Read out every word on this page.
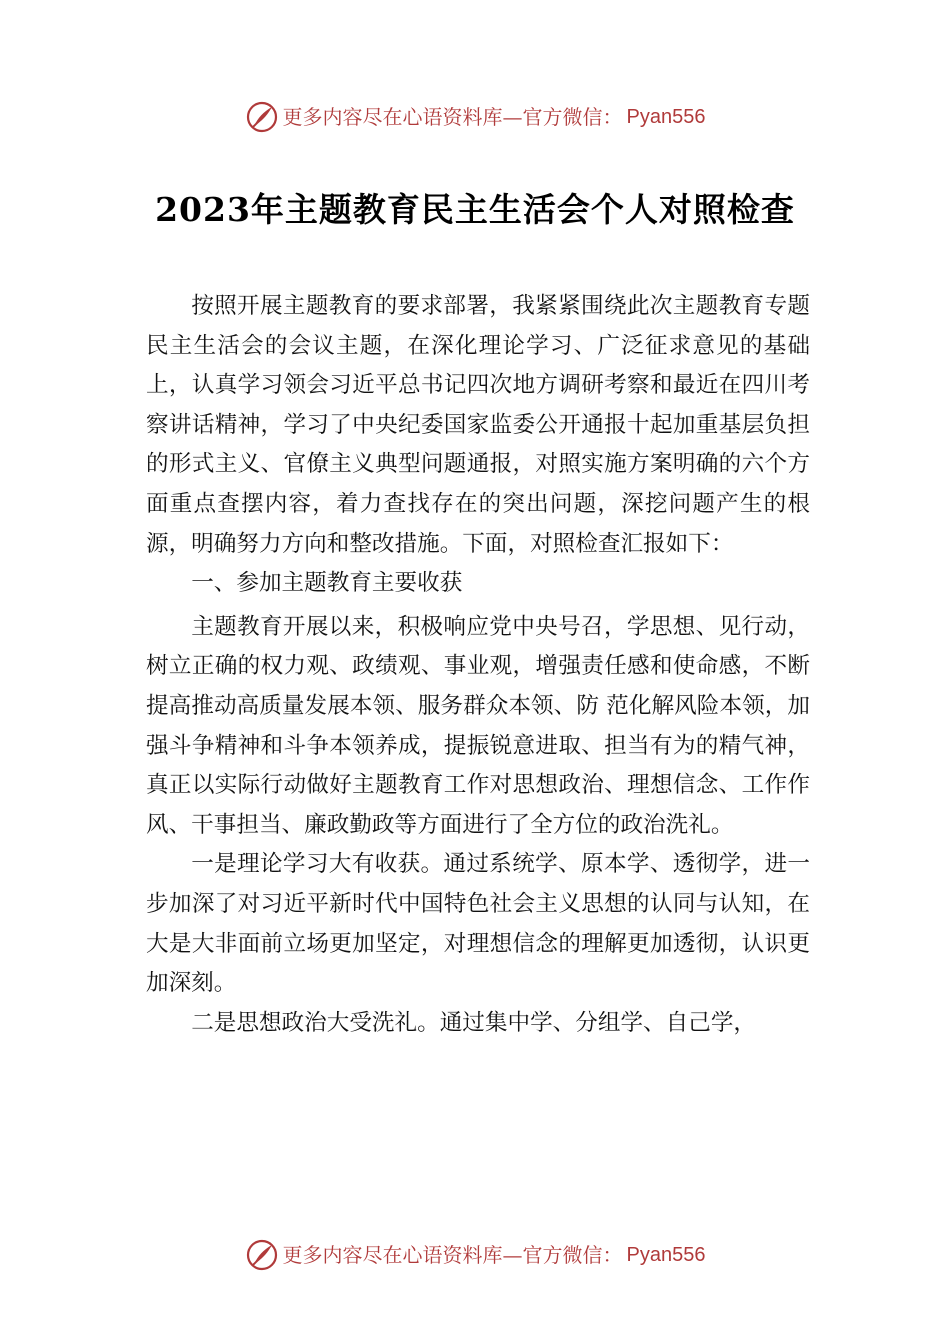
更多内容尽在心语资料库—官方微信： Pyan556
2023年主题教育民主生活会个人对照检查

按照开展主题教育的要求部署，我紧紧围绕此次主题教育专题民主生活会的会议主题，在深化理论学习、广泛征求意见的基础上，认真学习领会习近平总书记四次地方调研考察和最近在四川考察讲话精神，学习了中央纪委国家监委公开通报十起加重基层负担的形式主义、官僚主义典型问题通报，对照实施方案明确的六个方面重点查摆内容，着力查找存在的突出问题，深挖问题产生的根源，明确努力方向和整改措施。下面，对照检查汇报如下：

一、参加主题教育主要收获

主题教育开展以来，积极响应党中央号召，学思想、见行动，树立正确的权力观、政绩观、事业观，增强责任感和使命感，不断提高推动高质量发展本领、服务群众本领、防 范化解风险本领，加强斗争精神和斗争本领养成，提振锐意进取、担当有为的精气神，真正以实际行动做好主题教育工作对思想政治、理想信念、工作作风、干事担当、廉政勤政等方面进行了全方位的政治洗礼。

一是理论学习大有收获。通过系统学、原本学、透彻学，进一步加深了对习近平新时代中国特色社会主义思想的认同与认知，在大是大非面前立场更加坚定，对理想信念的理解更加透彻，认识更加深刻。

二是思想政治大受洗礼。通过集中学、分组学、自己学，

更多内容尽在心语资料库—官方微信： Pyan556
